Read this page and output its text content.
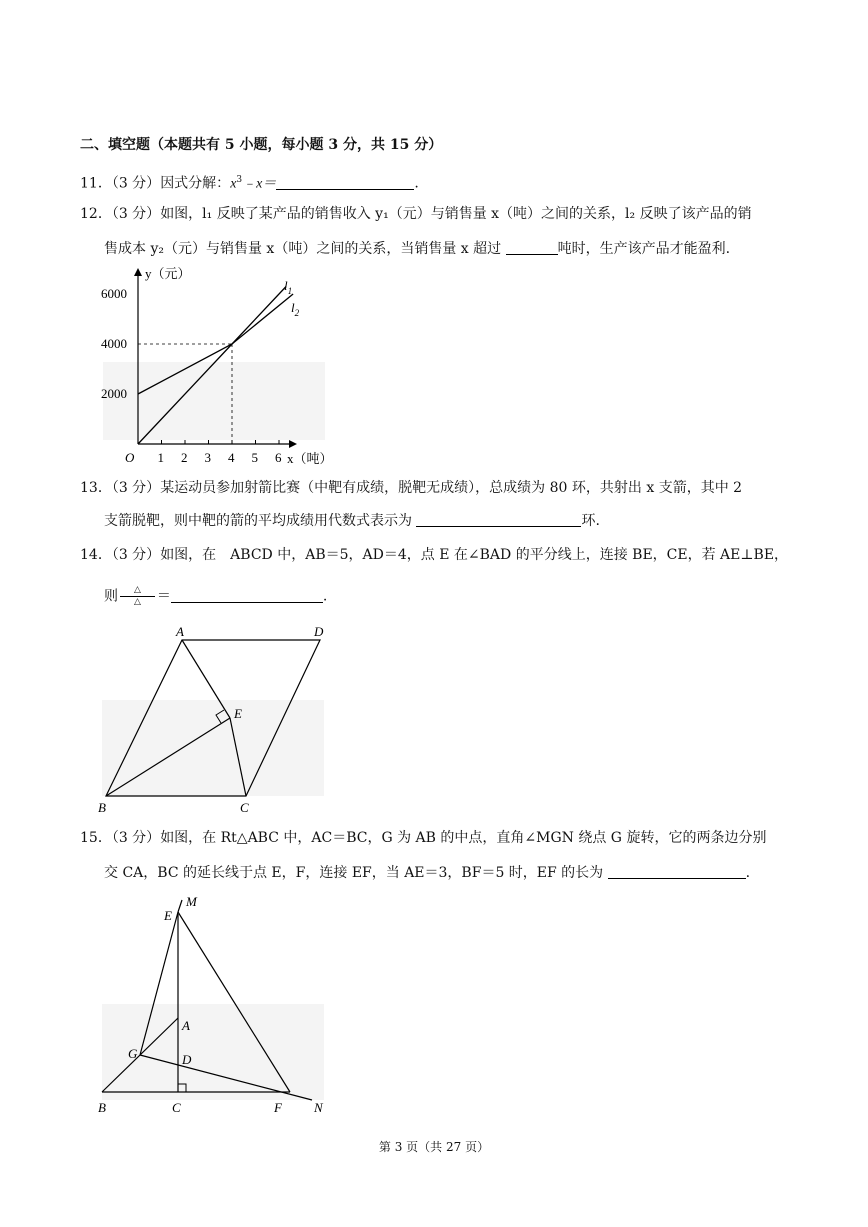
二、填空题（本题共有 5 小题，每小题 3 分，共 15 分）
11．（3 分）因式分解：$x^3﹣x=$	.
12．（3 分）如图，l₁ 反映了某产品的销售收入 y₁（元）与销售量 x（吨）之间的关系，l₂ 反映了该产品的销
售成本 y₂（元）与销售量 x（吨）之间的关系，当销售量 x 超过	吨时，生产该产品才能盈利.
y（元）
x（吨）
O
2000
4000
6000
1 2 3 4 5 6
$l_1$
$l_2$
13．（3 分）某运动员参加射箭比赛（中靶有成绩，脱靶无成绩），总成绩为 80 环，共射出 x 支箭，其中 2
支箭脱靶，则中靶的箭的平均成绩用代数式表示为	环.
14．（3 分）如图，在　ABCD 中，AB＝5，AD＝4，点 E 在∠BAD 的平分线上，连接 BE，CE，若 AE⊥BE，
则 $\frac{\triangle}{\triangle}$ ＝	.
A	D
E
B	C
15．（3 分）如图，在 Rt△ABC 中，AC＝BC，G 为 AB 的中点，直角∠MGN 绕点 G 旋转，它的两条边分别
交 CA，BC 的延长线于点 E，F，连接 EF，当 AE＝3，BF＝5 时，EF 的长为	.
E
M
A
G	D
B	C	F N
第 3 页（共 27 页）
